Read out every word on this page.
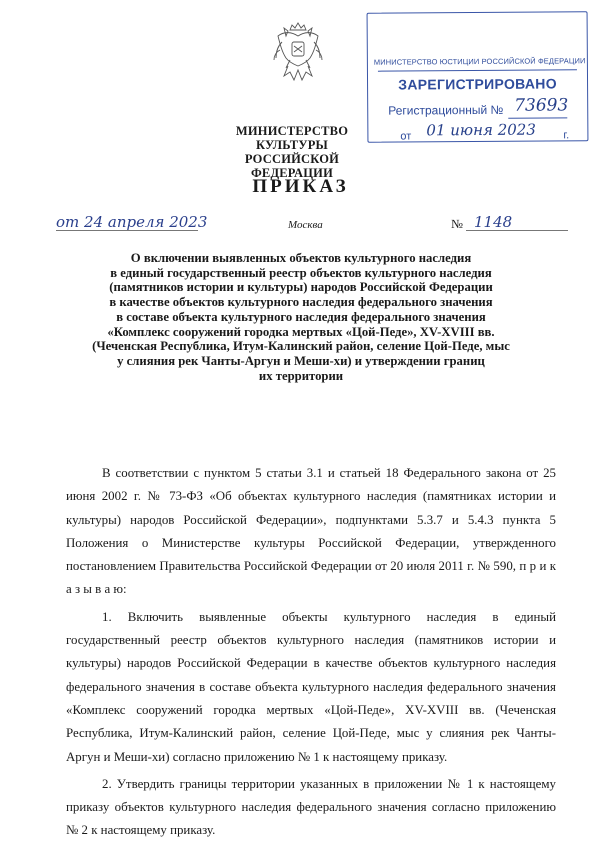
МИНИСТЕРСТВО ЮСТИЦИИ РОССИЙСКОЙ ФЕДЕРАЦИИ
ЗАРЕГИСТРИРОВАНО
Регистрационный № 73693
от 01 июня 2023 г.
МИНИСТЕРСТВО КУЛЬТУРЫ
РОССИЙСКОЙ ФЕДЕРАЦИИ
ПРИКАЗ
от 24 апреля 2023	Москва	№ 1148
О включении выявленных объектов культурного наследия
в единый государственный реестр объектов культурного наследия
(памятников истории и культуры) народов Российской Федерации
в качестве объектов культурного наследия федерального значения
в составе объекта культурного наследия федерального значения
«Комплекс сооружений городка мертвых «Цой-Педе», XV-XVIII вв.
(Чеченская Республика, Итум-Калинский район, селение Цой-Педе, мыс
у слияния рек Чанты-Аргун и Меши-хи) и утверждении границ
их территории

В соответствии с пунктом 5 статьи 3.1 и статьей 18 Федерального закона от 25 июня 2002 г. № 73-ФЗ «Об объектах культурного наследия (памятниках истории и культуры) народов Российской Федерации», подпунктами 5.3.7 и 5.4.3 пункта 5 Положения о Министерстве культуры Российской Федерации, утвержденного постановлением Правительства Российской Федерации от 20 июля 2011 г. № 590, п р и к а з ы в а ю:

1. Включить выявленные объекты культурного наследия в единый государственный реестр объектов культурного наследия (памятников истории и культуры) народов Российской Федерации в качестве объектов культурного наследия федерального значения в составе объекта культурного наследия федерального значения «Комплекс сооружений городка мертвых «Цой-Педе», XV-XVIII вв. (Чеченская Республика, Итум-Калинский район, селение Цой-Педе, мыс у слияния рек Чанты-Аргун и Меши-хи) согласно приложению № 1 к настоящему приказу.

2. Утвердить границы территории указанных в приложении № 1 к настоящему приказу объектов культурного наследия федерального значения согласно приложению № 2 к настоящему приказу.
